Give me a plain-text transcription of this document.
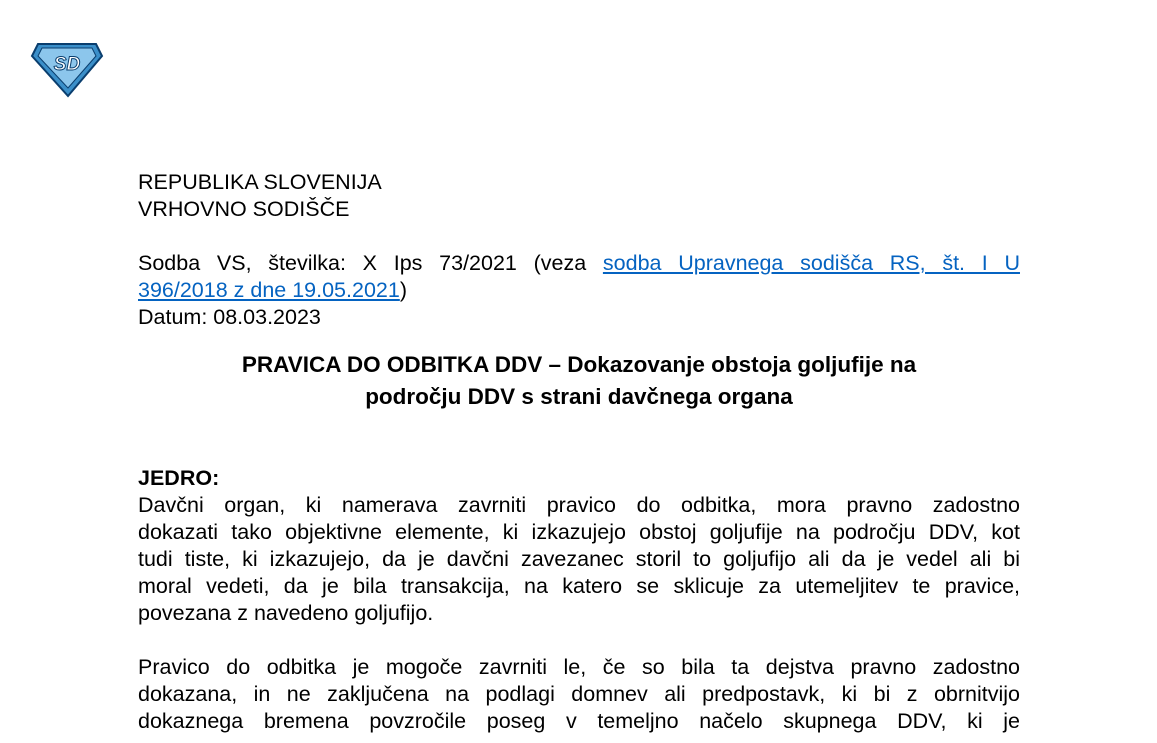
SD

REPUBLIKA SLOVENIJA

VRHOVNO SODIŠČE

Sodba VS, številka: X Ips 73/2021 (veza sodba Upravnega sodišča RS, št. I U

396/2018 z dne 19.05.2021)

Datum: 08.03.2023

PRAVICA DO ODBITKA DDV – Dokazovanje obstoja goljufije na

področju DDV s strani davčnega organa

JEDRO:

Davčni organ, ki namerava zavrniti pravico do odbitka, mora pravno zadostno

dokazati tako objektivne elemente, ki izkazujejo obstoj goljufije na področju DDV, kot

tudi tiste, ki izkazujejo, da je davčni zavezanec storil to goljufijo ali da je vedel ali bi

moral vedeti, da je bila transakcija, na katero se sklicuje za utemeljitev te pravice,

povezana z navedeno goljufijo.

Pravico do odbitka je mogoče zavrniti le, če so bila ta dejstva pravno zadostno

dokazana, in ne zaključena na podlagi domnev ali predpostavk, ki bi z obrnitvijo

dokaznega bremena povzročile poseg v temeljno načelo skupnega DDV, ki je
